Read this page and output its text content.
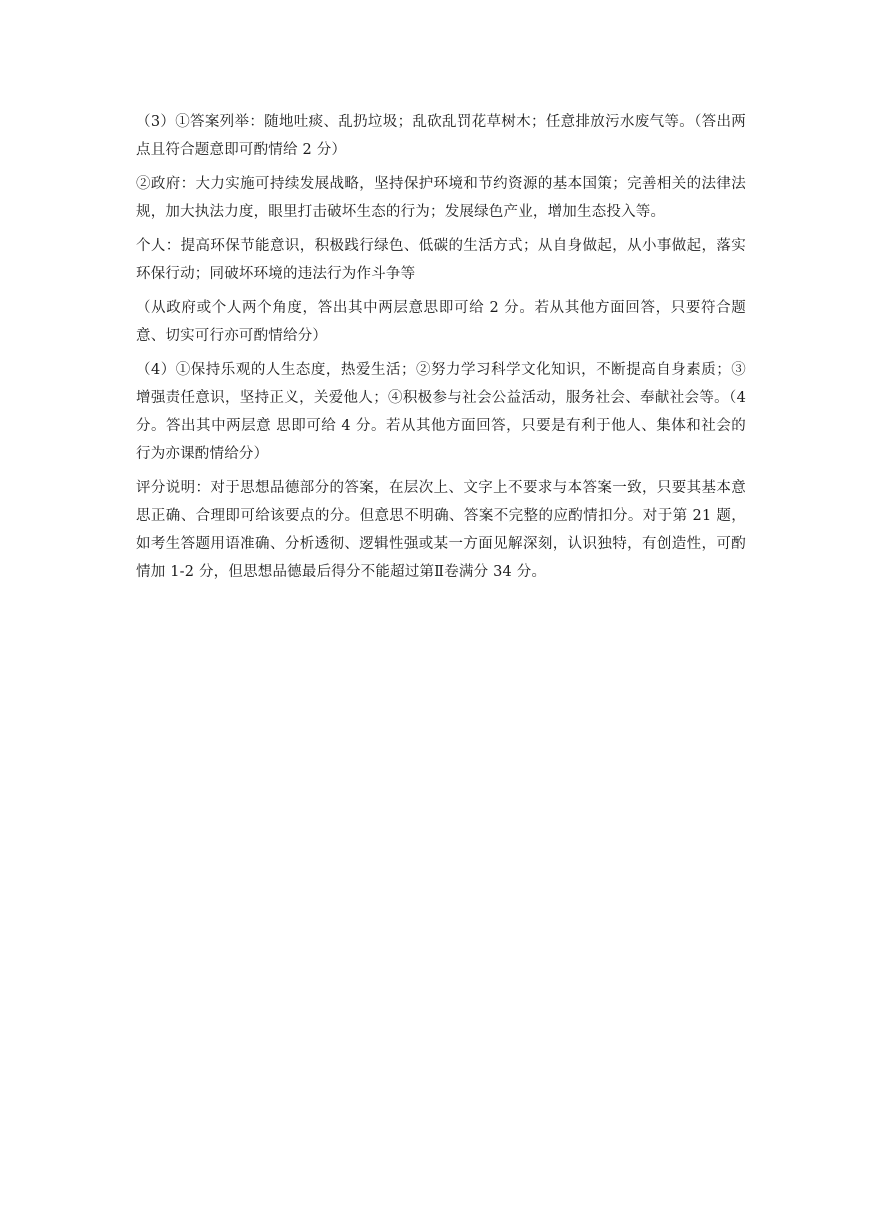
（3）①答案列举：随地吐痰、乱扔垃圾；乱砍乱罚花草树木；任意排放污水废气等。（答出两点且符合题意即可酌情给 2 分）

②政府：大力实施可持续发展战略，坚持保护环境和节约资源的基本国策；完善相关的法律法规，加大执法力度，眼里打击破坏生态的行为；发展绿色产业，增加生态投入等。

个人：提高环保节能意识，积极践行绿色、低碳的生活方式；从自身做起，从小事做起，落实环保行动；同破坏环境的违法行为作斗争等

（从政府或个人两个角度，答出其中两层意思即可给 2 分。若从其他方面回答，只要符合题意、切实可行亦可酌情给分）

（4）①保持乐观的人生态度，热爱生活；②努力学习科学文化知识，不断提高自身素质；③增强责任意识，坚持正义，关爱他人；④积极参与社会公益活动，服务社会、奉献社会等。（4 分。答出其中两层意 思即可给 4 分。若从其他方面回答，只要是有利于他人、集体和社会的行为亦课酌情给分）

评分说明：对于思想品德部分的答案，在层次上、文字上不要求与本答案一致，只要其基本意思正确、合理即可给该要点的分。但意思不明确、答案不完整的应酌情扣分。对于第 21 题，如考生答题用语准确、分析透彻、逻辑性强或某一方面见解深刻，认识独特，有创造性，可酌情加 1-2 分，但思想品德最后得分不能超过第Ⅱ卷满分 34 分。
